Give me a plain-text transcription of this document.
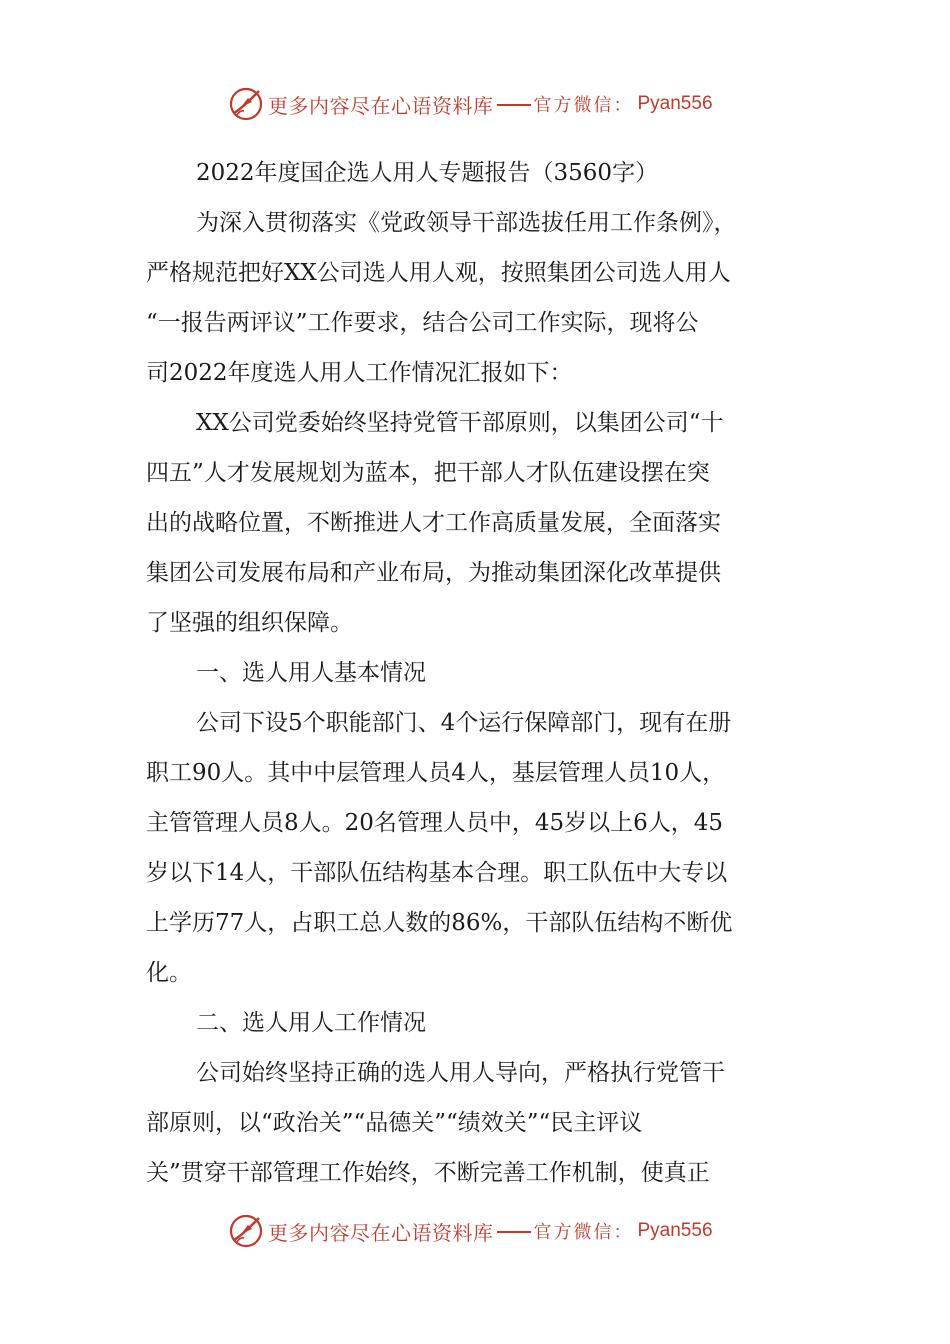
更多内容尽在心语资料库 官方微信： Pyan556
2022年度国企选人用人专题报告（3560字）
为深入贯彻落实《党政领导干部选拔任用工作条例》，
严格规范把好XX公司选人用人观，按照集团公司选人用人
“一报告两评议”工作要求，结合公司工作实际，现将公
司2022年度选人用人工作情况汇报如下：
XX公司党委始终坚持党管干部原则，以集团公司“十
四五”人才发展规划为蓝本，把干部人才队伍建设摆在突
出的战略位置，不断推进人才工作高质量发展，全面落实
集团公司发展布局和产业布局，为推动集团深化改革提供
了坚强的组织保障。
一、选人用人基本情况
公司下设5个职能部门、4个运行保障部门，现有在册
职工90人。其中中层管理人员4人，基层管理人员10人，
主管管理人员8人。20名管理人员中，45岁以上6人，45
岁以下14人，干部队伍结构基本合理。职工队伍中大专以
上学历77人，占职工总人数的86%，干部队伍结构不断优
化。
二、选人用人工作情况
公司始终坚持正确的选人用人导向，严格执行党管干
部原则，以“政治关”“品德关”“绩效关”“民主评议
关”贯穿干部管理工作始终，不断完善工作机制，使真正
更多内容尽在心语资料库 官方微信： Pyan556
